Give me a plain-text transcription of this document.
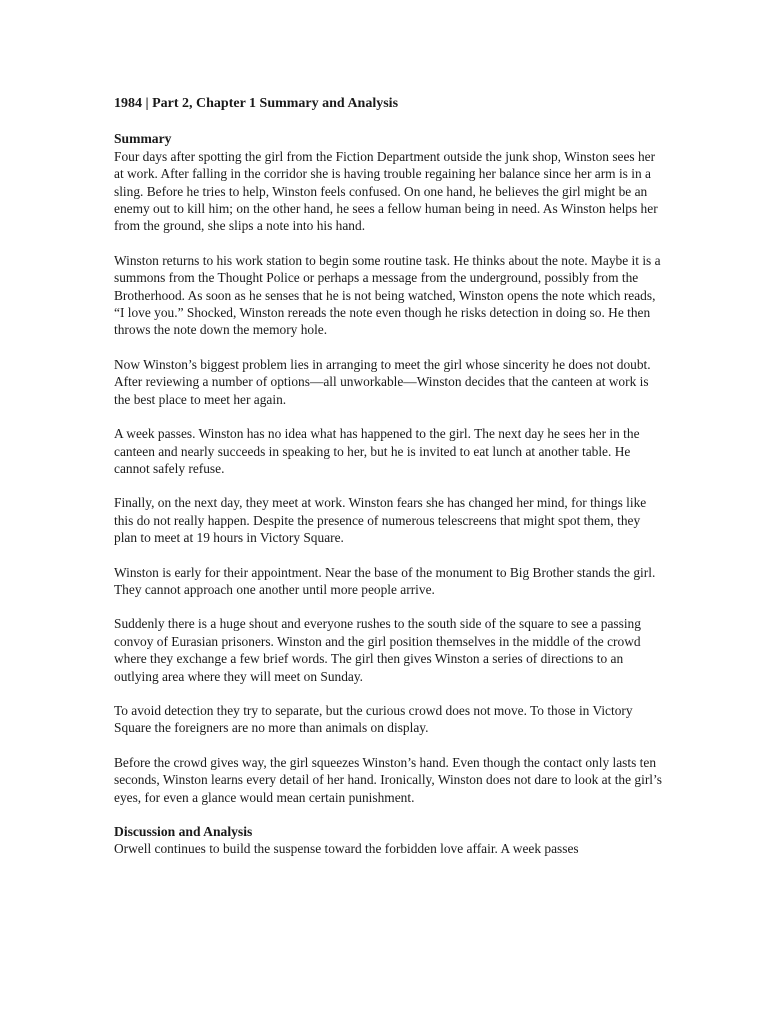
1984 | Part 2, Chapter 1 Summary and Analysis
Summary

Four days after spotting the girl from the Fiction Department outside the junk shop, Winston sees her at work. After falling in the corridor she is having trouble regaining her balance since her arm is in a sling. Before he tries to help, Winston feels confused. On one hand, he believes the girl might be an enemy out to kill him; on the other hand, he sees a fellow human being in need. As Winston helps her from the ground, she slips a note into his hand.

Winston returns to his work station to begin some routine task. He thinks about the note. Maybe it is a summons from the Thought Police or perhaps a message from the underground, possibly from the Brotherhood. As soon as he senses that he is not being watched, Winston opens the note which reads, “I love you.” Shocked, Winston rereads the note even though he risks detection in doing so. He then throws the note down the memory hole.

Now Winston’s biggest problem lies in arranging to meet the girl whose sincerity he does not doubt. After reviewing a number of options—all unworkable—Winston decides that the canteen at work is the best place to meet her again.

A week passes. Winston has no idea what has happened to the girl. The next day he sees her in the canteen and nearly succeeds in speaking to her, but he is invited to eat lunch at another table. He cannot safely refuse.

Finally, on the next day, they meet at work. Winston fears she has changed her mind, for things like this do not really happen. Despite the presence of numerous telescreens that might spot them, they plan to meet at 19 hours in Victory Square.

Winston is early for their appointment. Near the base of the monument to Big Brother stands the girl. They cannot approach one another until more people arrive.

Suddenly there is a huge shout and everyone rushes to the south side of the square to see a passing convoy of Eurasian prisoners. Winston and the girl position themselves in the middle of the crowd where they exchange a few brief words. The girl then gives Winston a series of directions to an outlying area where they will meet on Sunday.

To avoid detection they try to separate, but the curious crowd does not move. To those in Victory Square the foreigners are no more than animals on display.

Before the crowd gives way, the girl squeezes Winston’s hand. Even though the contact only lasts ten seconds, Winston learns every detail of her hand. Ironically, Winston does not dare to look at the girl’s eyes, for even a glance would mean certain punishment.

Discussion and Analysis

Orwell continues to build the suspense toward the forbidden love affair. A week passes
